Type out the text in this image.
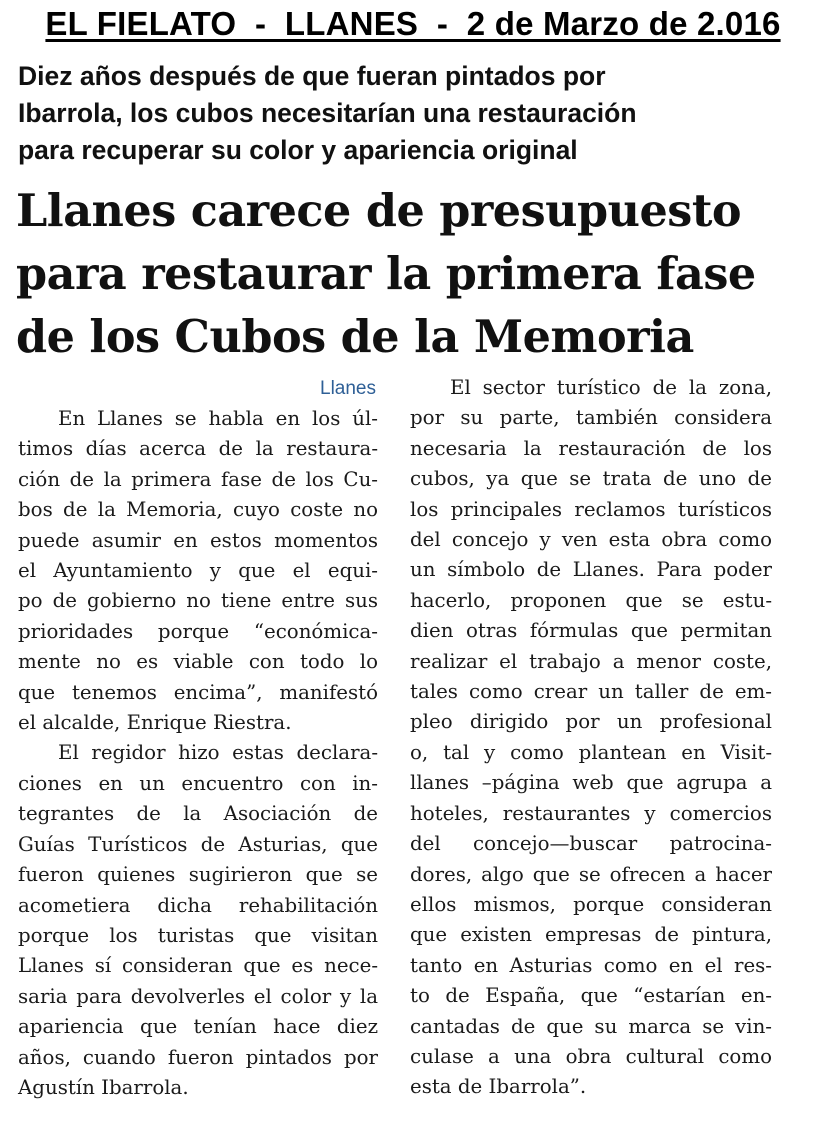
EL FIELATO  -  LLANES  -  2 de Marzo de 2.016
Diez años después de que fueran pintados por
Ibarrola, los cubos necesitarían una restauración
para recuperar su color y apariencia original
Llanes carece de presupuesto
para restaurar la primera fase
de los Cubos de la Memoria
Llanes
En Llanes se habla en los úl-
timos días acerca de la restaura-
ción de la primera fase de los Cu-
bos de la Memoria, cuyo coste no
puede asumir en estos momentos
el Ayuntamiento y que el equi-
po de gobierno no tiene entre sus
prioridades porque “económica-
mente no es viable con todo lo
que tenemos encima”, manifestó
el alcalde, Enrique Riestra.
El regidor hizo estas declara-
ciones en un encuentro con in-
tegrantes de la Asociación de
Guías Turísticos de Asturias, que
fueron quienes sugirieron que se
acometiera dicha rehabilitación
porque los turistas que visitan
Llanes sí consideran que es nece-
saria para devolverles el color y la
apariencia que tenían hace diez
años, cuando fueron pintados por
Agustín Ibarrola.
El sector turístico de la zona,
por su parte, también considera
necesaria la restauración de los
cubos, ya que se trata de uno de
los principales reclamos turísticos
del concejo y ven esta obra como
un símbolo de Llanes. Para poder
hacerlo, proponen que se estu-
dien otras fórmulas que permitan
realizar el trabajo a menor coste,
tales como crear un taller de em-
pleo dirigido por un profesional
o, tal y como plantean en Visit-
llanes –página web que agrupa a
hoteles, restaurantes y comercios
del concejo—buscar patrocina-
dores, algo que se ofrecen a hacer
ellos mismos, porque consideran
que existen empresas de pintura,
tanto en Asturias como en el res-
to de España, que “estarían en-
cantadas de que su marca se vin-
culase a una obra cultural como
esta de Ibarrola”.
